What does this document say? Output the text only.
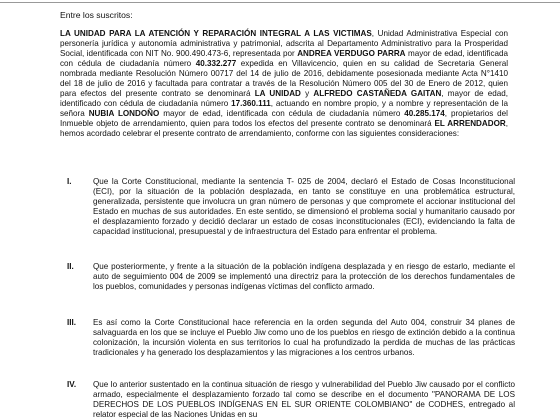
Entre los suscritos:

LA UNIDAD PARA LA ATENCIÓN Y REPARACIÓN INTEGRAL A LAS VICTIMAS, Unidad Administrativa Especial con personería jurídica y autonomía administrativa y patrimonial, adscrita al Departamento Administrativo para la Prosperidad Social, identificada con NIT No. 900.490.473-6, representada por ANDREA VERDUGO PARRA mayor de edad, identificada con cédula de ciudadanía número 40.332.277 expedida en Villavicencio, quien en su calidad de Secretaria General nombrada mediante Resolución Número 00717 del 14 de julio de 2016, debidamente posesionada mediante Acta N°1410 del 18 de julio de 2016 y facultada para contratar a través de la Resolución Número 005 del 30 de Enero de 2012, quien para efectos del presente contrato se denominará LA UNIDAD y ALFREDO CASTAÑEDA GAITAN, mayor de edad, identificado con cédula de ciudadanía número 17.360.111, actuando en nombre propio, y a nombre y representación de la señora NUBIA LONDOÑO mayor de edad, identificada con cédula de ciudadanía número 40.285.174, propietarios del Inmueble objeto de arrendamiento, quien para todos los efectos del presente contrato se denominará EL ARRENDADOR, hemos acordado celebrar el presente contrato de arrendamiento, conforme con las siguientes consideraciones:

I.	Que la Corte Constitucional, mediante la sentencia T- 025 de 2004, declaró el Estado de Cosas Inconstitucional (ECI), por la situación de la población desplazada, en tanto se constituye en una problemática estructural, generalizada, persistente que involucra un gran número de personas y que compromete el accionar institucional del Estado en muchas de sus autoridades. En este sentido, se dimensionó el problema social y humanitario causado por el desplazamiento forzado y decidió declarar un estado de cosas inconstitucionales (ECI), evidenciando la falta de capacidad institucional, presupuestal y de infraestructura del Estado para enfrentar el problema.
II.	Que posteriormente, y frente a la situación de la población indígena desplazada y en riesgo de estarlo, mediante el auto de seguimiento 004 de 2009 se implementó una directriz para la protección de los derechos fundamentales de los pueblos, comunidades y personas indígenas víctimas del conflicto armado.
III.	Es así como la Corte Constitucional hace referencia en la orden segunda del Auto 004, construir 34 planes de salvaguarda en los que se incluye el Pueblo Jiw como uno de los pueblos en riesgo de extinción debido a la continua colonización, la incursión violenta en sus territorios lo cual ha profundizado la perdida de muchas de las prácticas tradicionales y ha generado los desplazamientos y las migraciones a los centros urbanos.
IV.	Que lo anterior sustentado en la continua situación de riesgo y vulnerabilidad del Pueblo Jiw causado por el conflicto armado, especialmente el desplazamiento forzado tal como se describe en el documento "PANORAMA DE LOS DERECHOS DE LOS PUEBLOS INDÍGENAS EN EL SUR ORIENTE COLOMBIANO" de CODHES, entregado al relator especial de las Naciones Unidas en su
